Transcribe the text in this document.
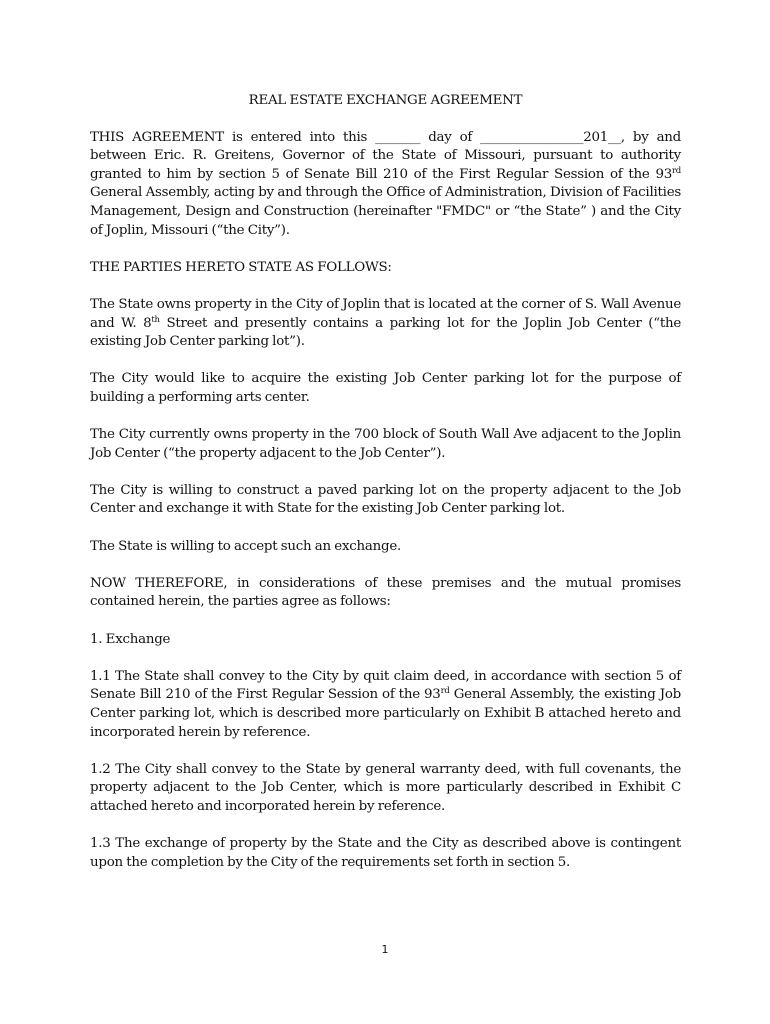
REAL ESTATE EXCHANGE AGREEMENT

THIS AGREEMENT is entered into this _______ day of ________________201__, by and between Eric. R. Greitens, Governor of the State of Missouri, pursuant to authority granted to him by section 5 of Senate Bill 210 of the First Regular Session of the 93rd General Assembly, acting by and through the Office of Administration, Division of Facilities Management, Design and Construction (hereinafter "FMDC" or “the State” ) and the City of Joplin, Missouri (“the City”).

THE PARTIES HERETO STATE AS FOLLOWS:

The State owns property in the City of Joplin that is located at the corner of S. Wall Avenue and W. 8th Street and presently contains a parking lot for the Joplin Job Center (“the existing Job Center parking lot”).

The City would like to acquire the existing Job Center parking lot for the purpose of building a performing arts center.

The City currently owns property in the 700 block of South Wall Ave adjacent to the Joplin Job Center (“the property adjacent to the Job Center”).

The City is willing to construct a paved parking lot on the property adjacent to the Job Center and exchange it with State for the existing Job Center parking lot.

The State is willing to accept such an exchange.

NOW THEREFORE, in considerations of these premises and the mutual promises contained herein, the parties agree as follows:

1. Exchange

1.1 The State shall convey to the City by quit claim deed, in accordance with section 5 of Senate Bill 210 of the First Regular Session of the 93rd General Assembly, the existing Job Center parking lot, which is described more particularly on Exhibit B attached hereto and incorporated herein by reference.

1.2 The City shall convey to the State by general warranty deed, with full covenants, the property adjacent to the Job Center, which is more particularly described in Exhibit C attached hereto and incorporated herein by reference.

1.3 The exchange of property by the State and the City as described above is contingent upon the completion by the City of the requirements set forth in section 5.

1
